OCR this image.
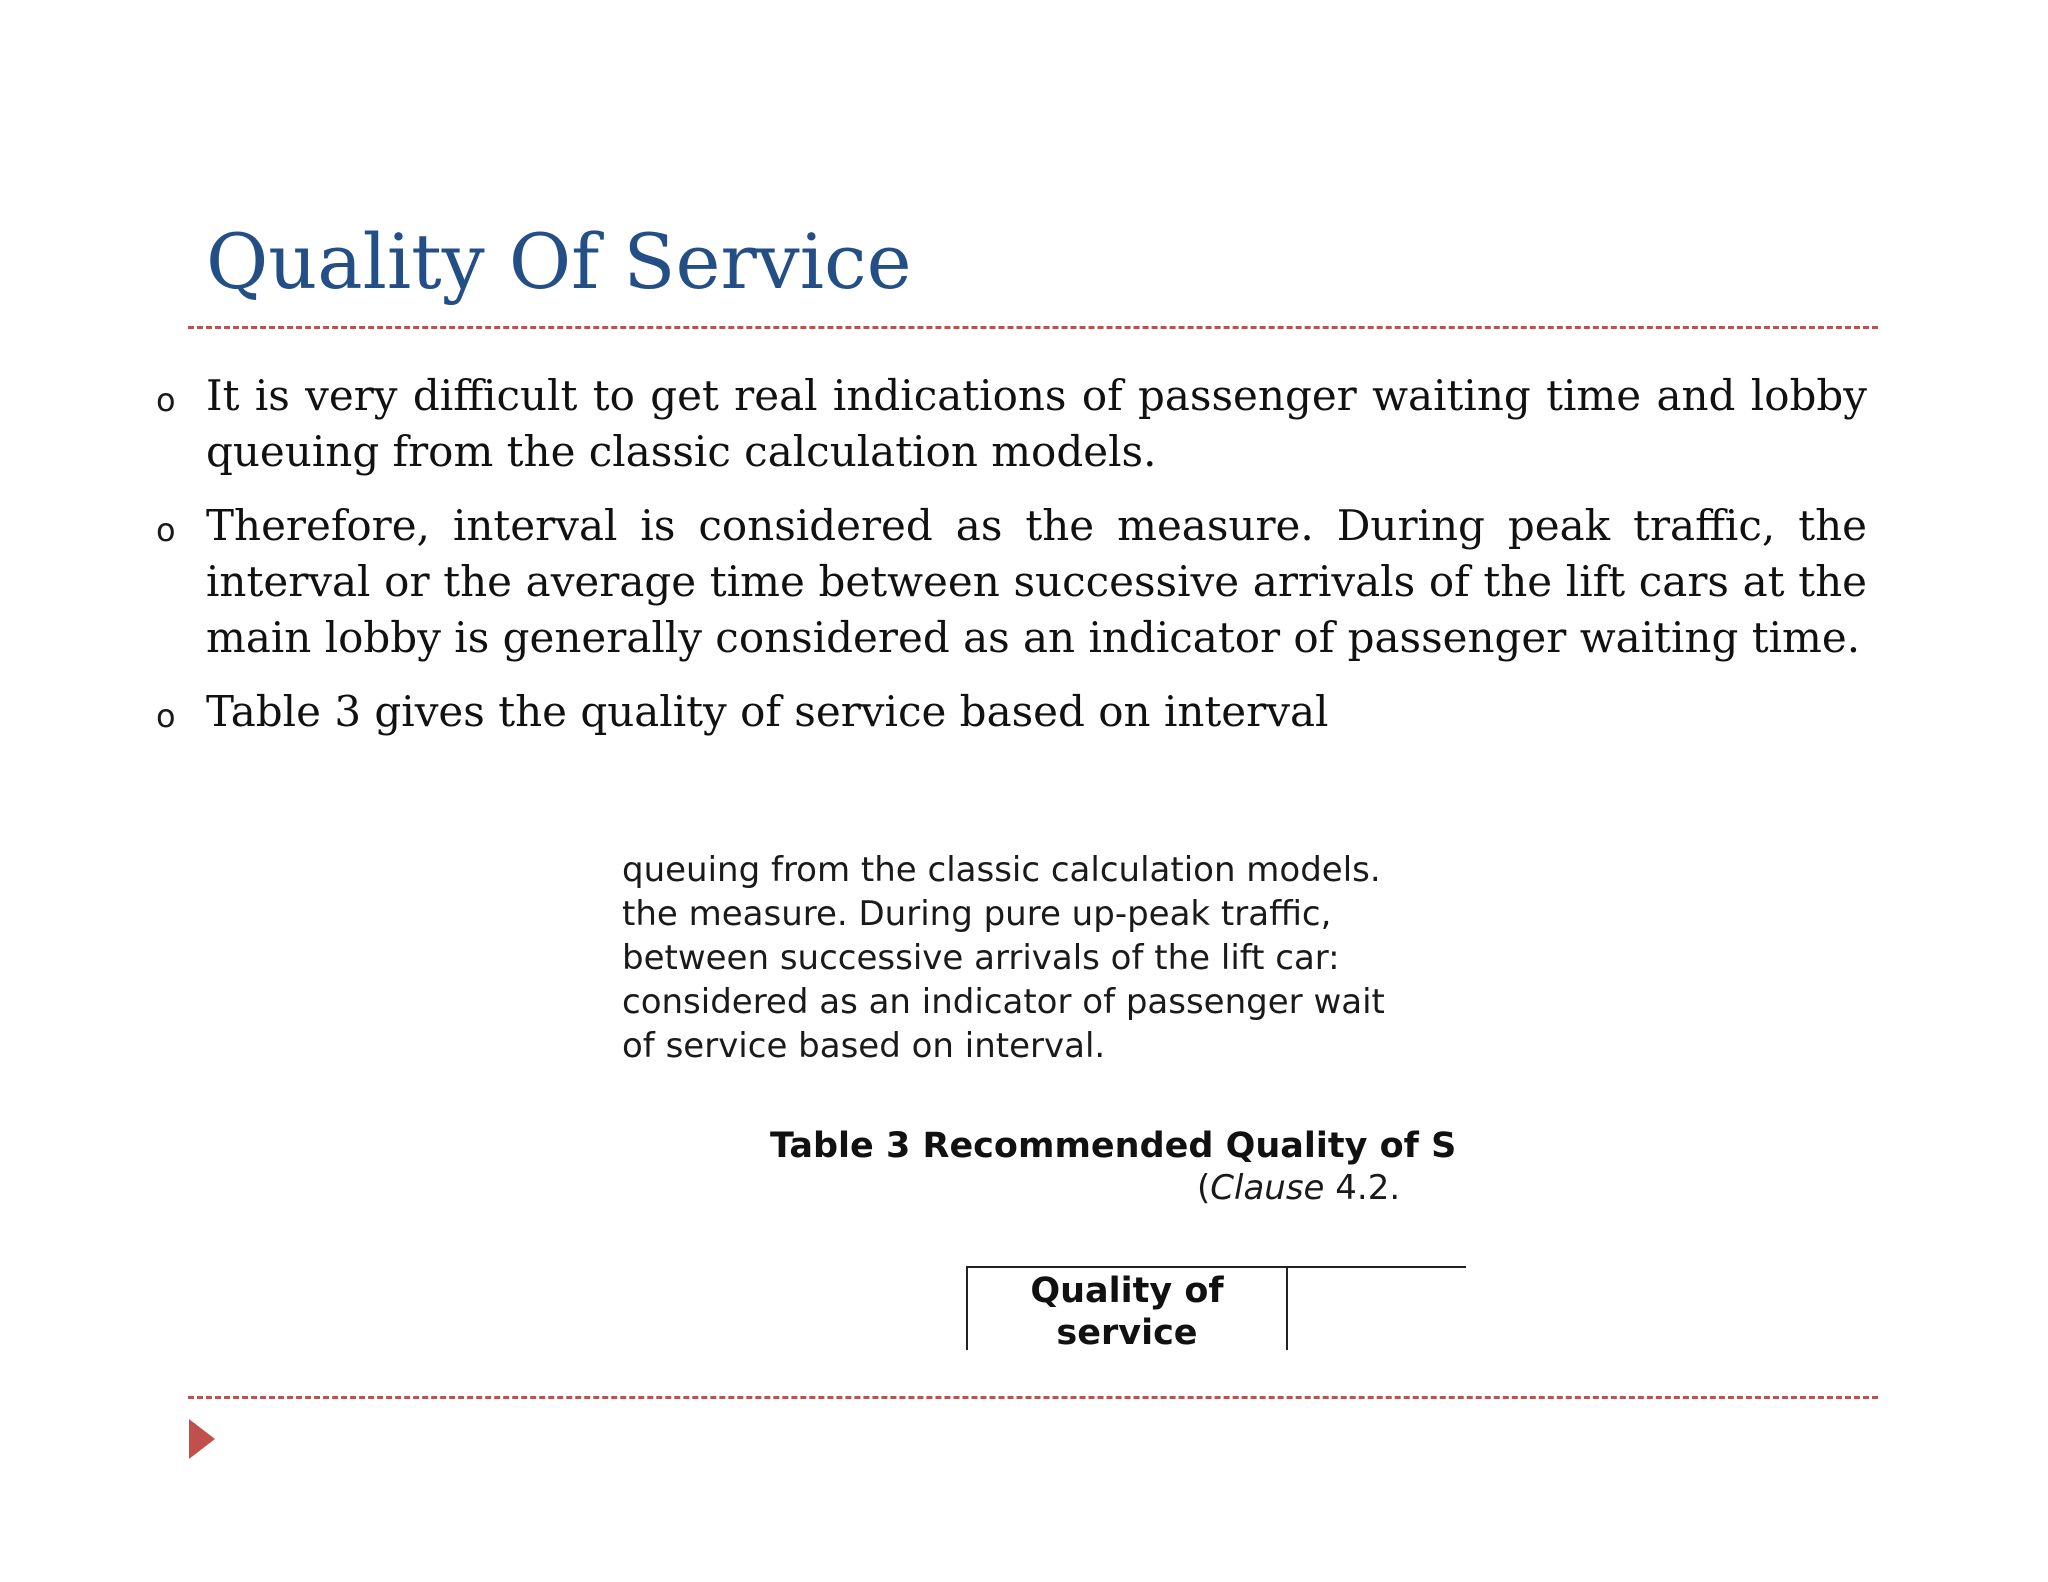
Quality Of Service
o It is very difficult to get real indications of passenger waiting time and lobby queuing from the classic calculation models.
o Therefore, interval is considered as the measure. During peak traffic, the interval or the average time between successive arrivals of the lift cars at the main lobby is generally considered as an indicator of passenger waiting time.
o Table 3 gives the quality of service based on interval
queuing from the classic calculation models.
the measure. During pure up-peak traffic,
between successive arrivals of the lift car:
considered as an indicator of passenger wait
of service based on interval.
Table 3 Recommended Quality of S
(Clause 4.2.
Quality of service
